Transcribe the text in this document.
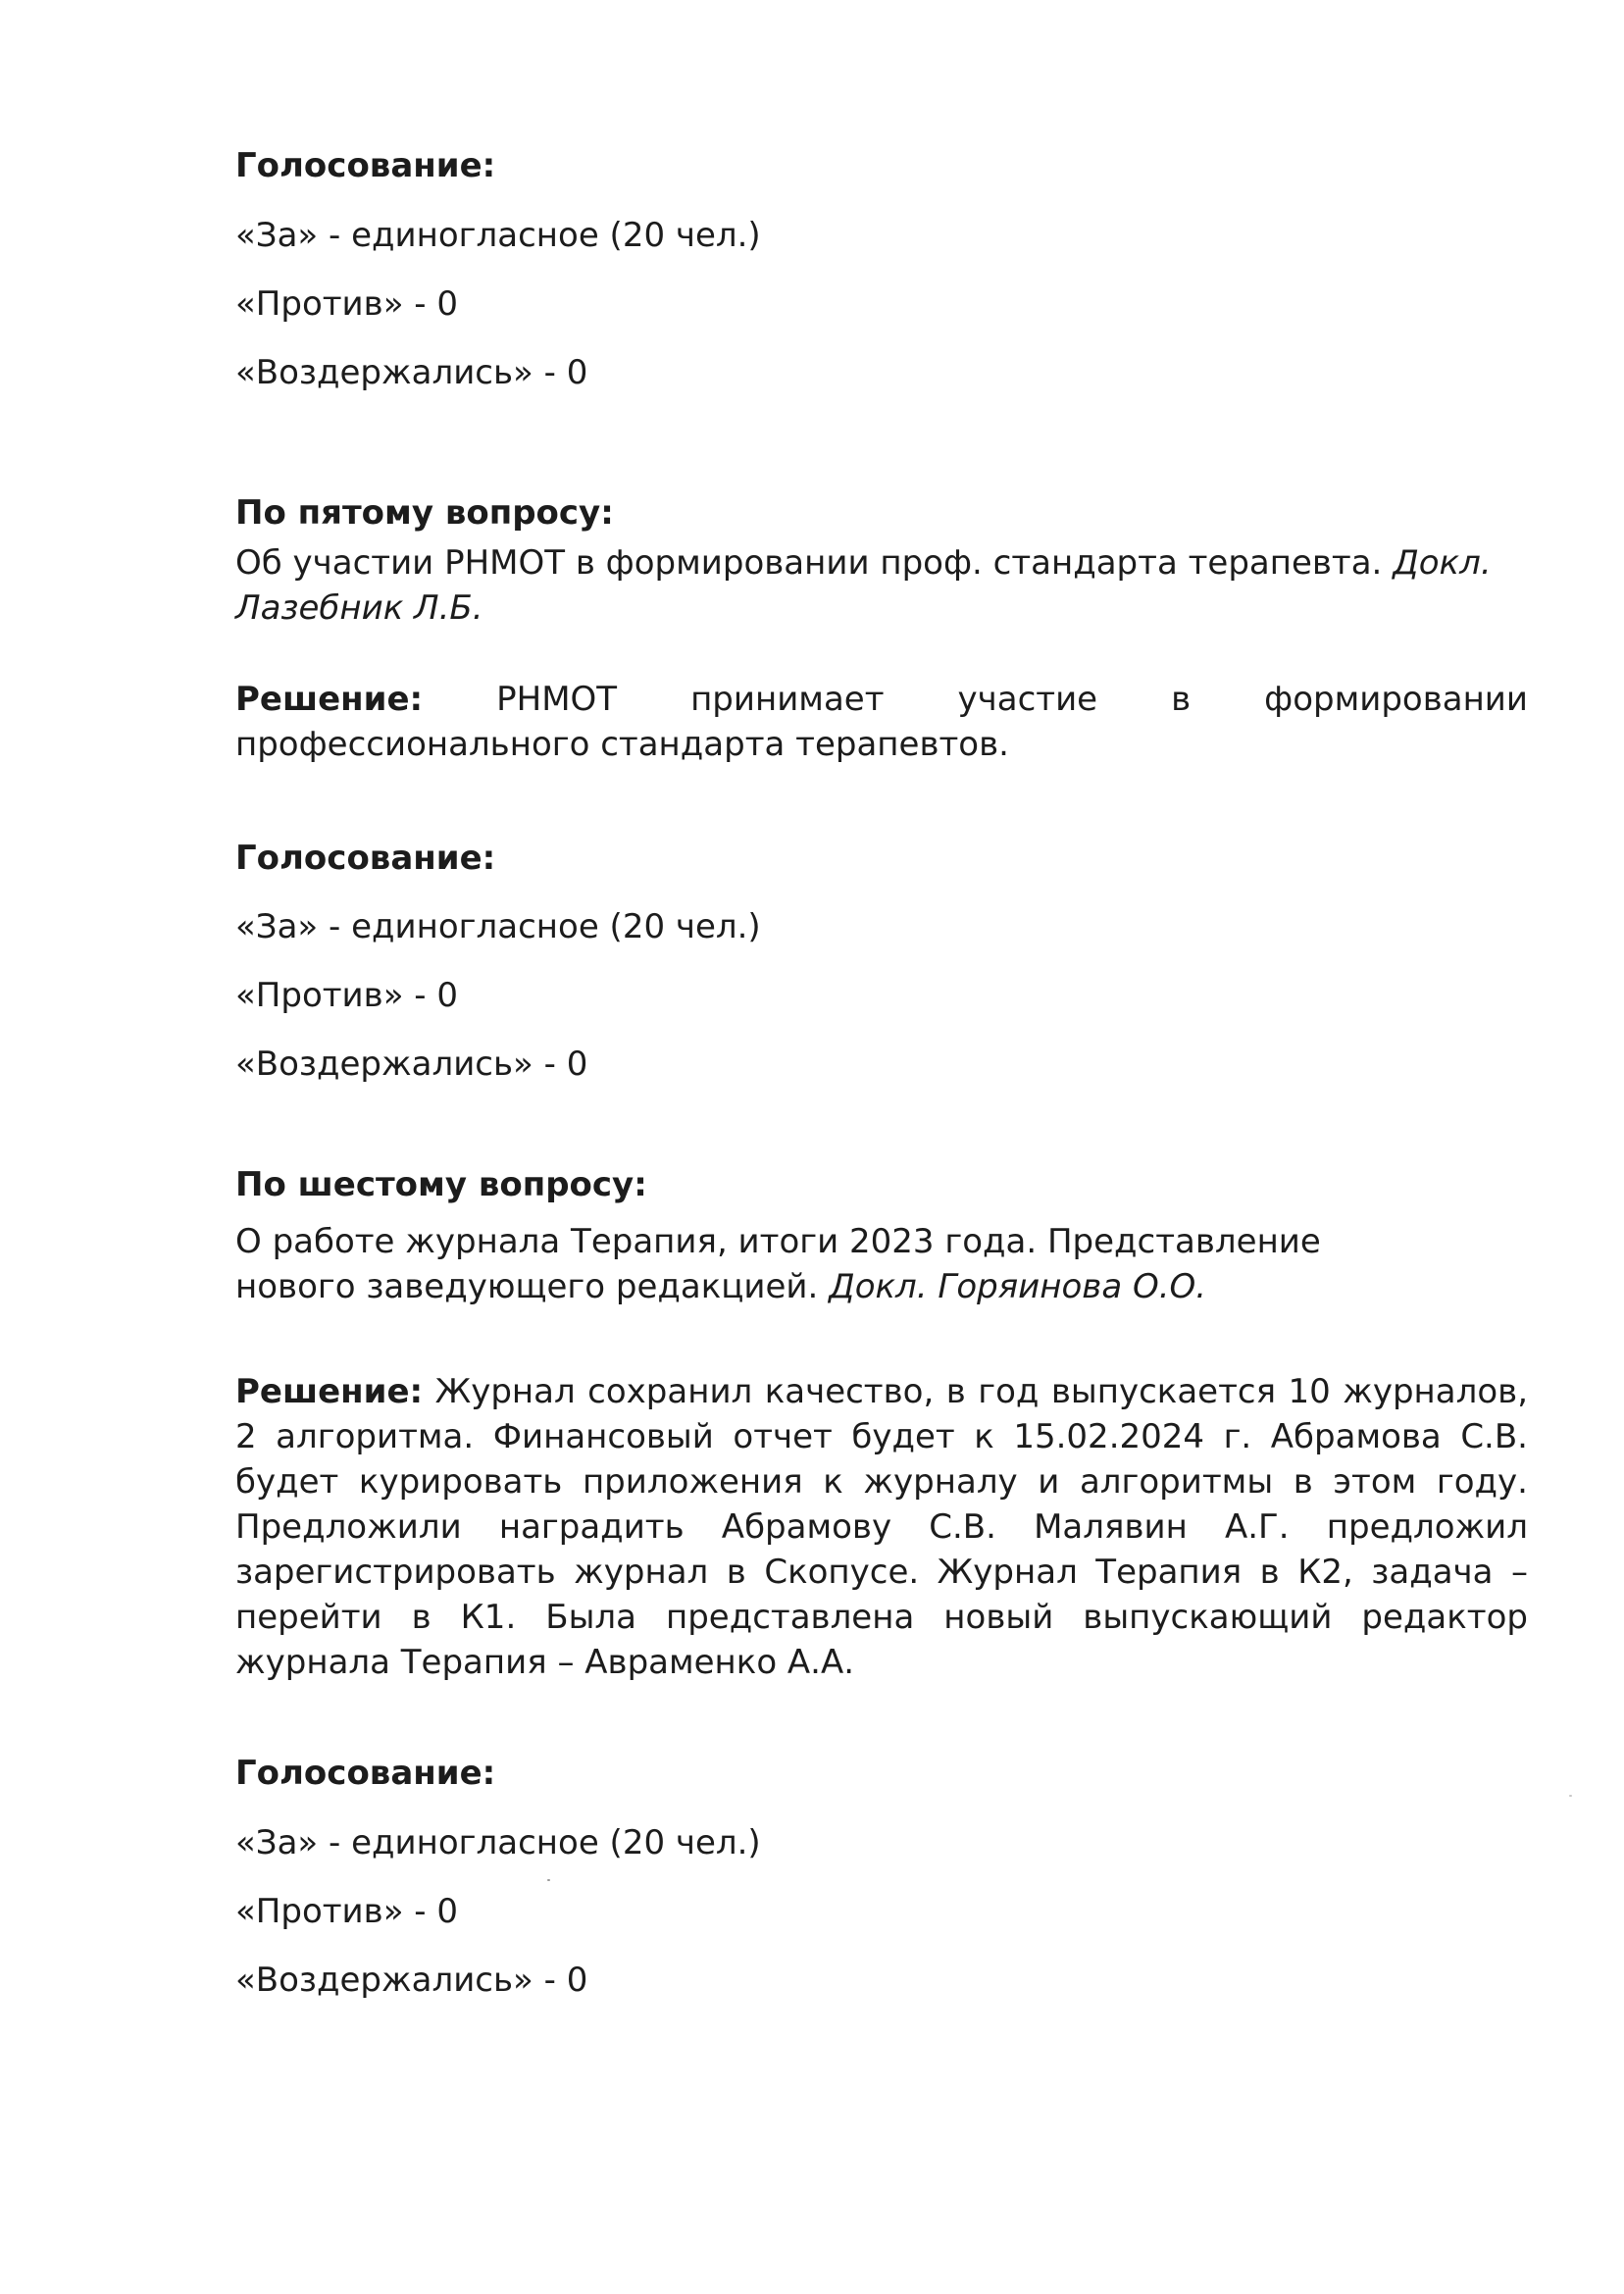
Голосование:

«За» - единогласное (20 чел.)

«Против» - 0

«Воздержались» - 0

По пятому вопросу:

Об участии РНМОТ в формировании проф. стандарта терапевта. Докл. Лазебник Л.Б.

Решение: РНМОТ принимает участие в формировании профессионального стандарта терапевтов.

Голосование:

«За» - единогласное (20 чел.)

«Против» - 0

«Воздержались» - 0

По шестому вопросу:

О работе журнала Терапия, итоги 2023 года. Представление нового заведующего редакцией. Докл. Горяинова О.О.

Решение: Журнал сохранил качество, в год выпускается 10 журналов, 2 алгоритма. Финансовый отчет будет к 15.02.2024 г. Абрамова С.В. будет курировать приложения к журналу и алгоритмы в этом году. Предложили наградить Абрамову С.В. Малявин А.Г. предложил зарегистрировать журнал в Скопусе. Журнал Терапия в К2, задача – перейти в К1. Была представлена новый выпускающий редактор журнала Терапия – Авраменко А.А.

Голосование:

«За» - единогласное (20 чел.)

«Против» - 0

«Воздержались» - 0
